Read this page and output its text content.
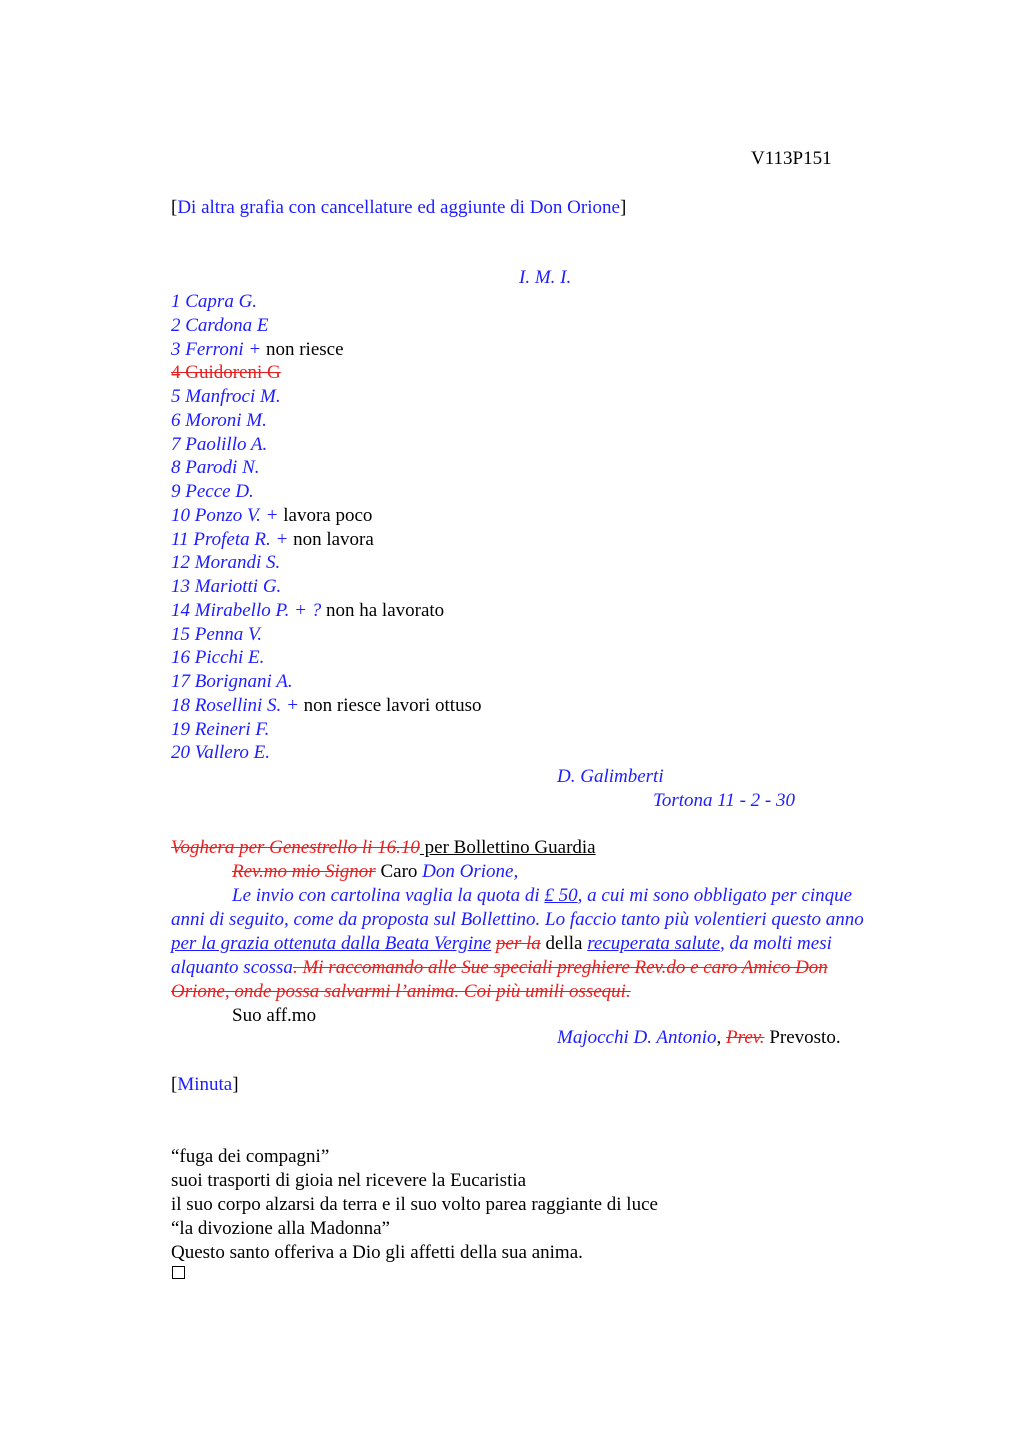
V113P151
[Di altra grafia con cancellature ed aggiunte di Don Orione]
I. M. I.
1 Capra G.
2 Cardona E
3 Ferroni + non riesce
4 Guidoreni G
5 Manfroci M.
6 Moroni M.
7 Paolillo A.
8 Parodi N.
9 Pecce D.
10 Ponzo V. + lavora poco
11 Profeta R. + non lavora
12 Morandi S.
13 Mariotti G.
14 Mirabello P. + ? non ha lavorato
15 Penna V.
16 Picchi E.
17 Borignani A.
18 Rosellini S. + non riesce lavori ottuso
19 Reineri F.
20 Vallero E.
D. Galimberti
Tortona 11 - 2 - 30
Voghera per Genestrello li 16.10 per Bollettino Guardia
Rev.mo mio Signor Caro Don Orione,
Le invio con cartolina vaglia la quota di £ 50, a cui mi sono obbligato per cinque
anni di seguito, come da proposta sul Bollettino. Lo faccio tanto più volentieri questo anno
per la grazia ottenuta dalla Beata Vergine per la della recuperata salute, da molti mesi
alquanto scossa. Mi raccomando alle Sue speciali preghiere Rev.do e caro Amico Don
Orione, onde possa salvarmi l’anima. Coi più umili ossequi.
Suo aff.mo
Majocchi D. Antonio, Prev. Prevosto.
[Minuta]
“fuga dei compagni”
suoi trasporti di gioia nel ricevere la Eucaristia
il suo corpo alzarsi da terra e il suo volto parea raggiante di luce
“la divozione alla Madonna”
Questo santo offeriva a Dio gli affetti della sua anima.
